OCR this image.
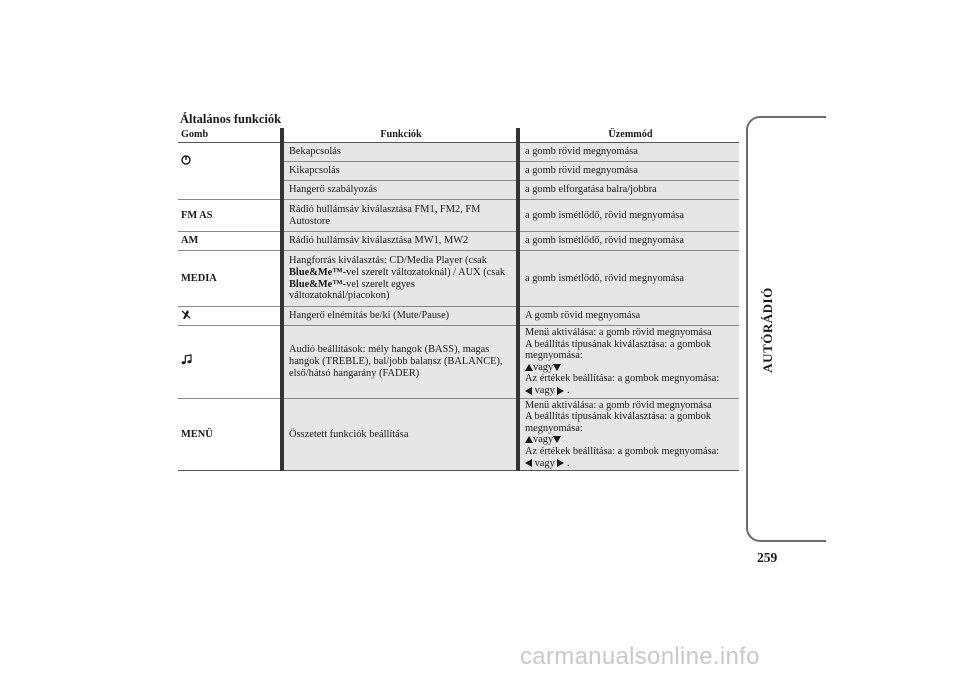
Általános funkciók
Gomb	Funkciók	Üzemmód
	Bekapcsolás	a gomb rövid megnyomása
	Kikapcsolás	a gomb rövid megnyomása
	Hangerő szabályozás	a gomb elforgatása balra/jobbra
FM AS	Rádió hullámsáv kiválasztása FM1, FM2, FM Autostore	a gomb ismétlődő, rövid megnyomása
AM	Rádió hullámsáv kiválasztása MW1, MW2	a gomb ismétlődő, rövid megnyomása
MEDIA	Hangforrás kiválasztás: CD/Media Player (csak Blue&Me™-vel szerelt változatoknál) / AUX (csak Blue&Me™-vel szerelt egyes változatoknál/piacokon)	a gomb ismétlődő, rövid megnyomása
	Hangerő elnémítás be/ki (Mute/Pause)	A gomb rövid megnyomása
	Audió beállítások: mély hangok (BASS), magas hangok (TREBLE), bal/jobb balansz (BALANCE), első/hátsó hangarány (FADER)	Menü aktiválása: a gomb rövid megnyomása
A beállítás típusának kiválasztása: a gombok megnyomása:
vagy
Az értékek beállítása: a gombok megnyomása:
vagy .

MENÜ	Összetett funkciók beállítása	Menü aktiválása: a gomb rövid megnyomása
A beállítás típusának kiválasztása: a gombok megnyomása:
vagy
Az értékek beállítása: a gombok megnyomása:
vagy .
AUTÓRÁDIÓ
259
carmanualsonline.info
